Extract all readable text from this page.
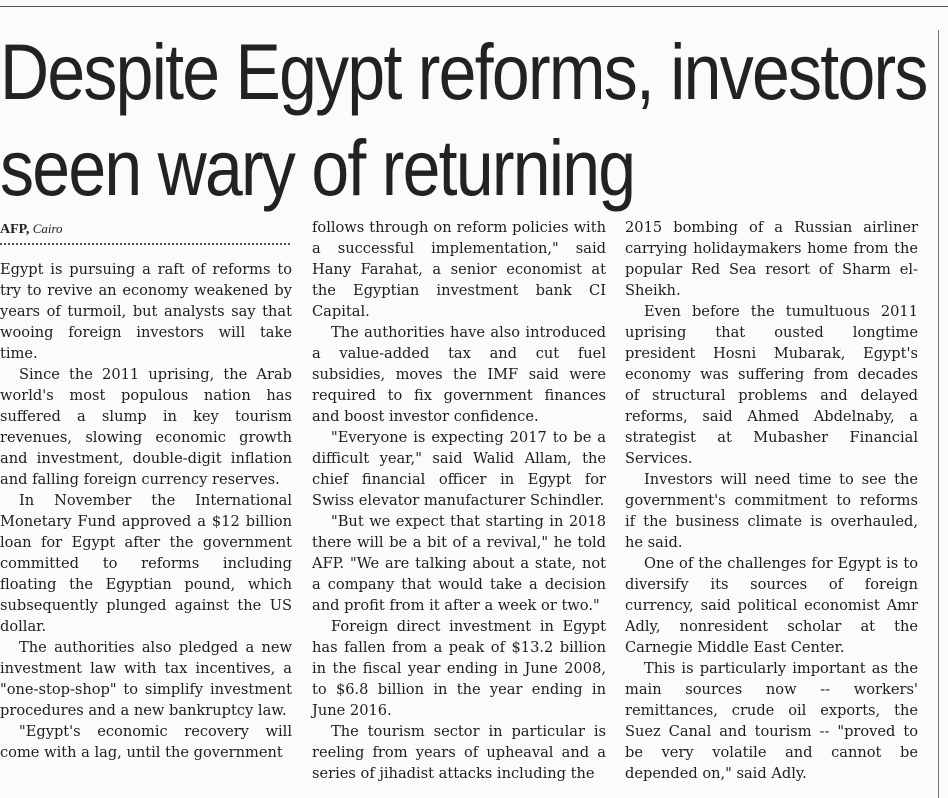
Despite Egypt reforms, investors
seen wary of returning
AFP, Cairo

Egypt is pursuing a raft of reforms to try to revive an economy weakened by years of turmoil, but analysts say that wooing foreign investors will take time.

Since the 2011 uprising, the Arab world's most populous nation has suffered a slump in key tourism revenues, slowing economic growth and investment, double-digit inflation and falling foreign currency reserves.

In November the International Monetary Fund approved a $12 billion loan for Egypt after the government committed to reforms including floating the Egyptian pound, which subsequently plunged against the US dollar.

The authorities also pledged a new investment law with tax incentives, a "one-stop-shop" to simplify investment procedures and a new bankruptcy law.

"Egypt's economic recovery will come with a lag, until the government

follows through on reform policies with a successful implementation," said Hany Farahat, a senior economist at the Egyptian investment bank CI Capital.

The authorities have also introduced a value-added tax and cut fuel subsidies, moves the IMF said were required to fix government finances and boost investor confidence.

"Everyone is expecting 2017 to be a difficult year," said Walid Allam, the chief financial officer in Egypt for Swiss elevator manufacturer Schindler.

"But we expect that starting in 2018 there will be a bit of a revival," he told AFP. "We are talking about a state, not a company that would take a decision and profit from it after a week or two."

Foreign direct investment in Egypt has fallen from a peak of $13.2 billion in the fiscal year ending in June 2008, to $6.8 billion in the year ending in June 2016.

The tourism sector in particular is reeling from years of upheaval and a series of jihadist attacks including the

2015 bombing of a Russian airliner carrying holidaymakers home from the popular Red Sea resort of Sharm el-Sheikh.

Even before the tumultuous 2011 uprising that ousted longtime president Hosni Mubarak, Egypt's economy was suffering from decades of structural problems and delayed reforms, said Ahmed Abdelnaby, a strategist at Mubasher Financial Services.

Investors will need time to see the government's commitment to reforms if the business climate is overhauled, he said.

One of the challenges for Egypt is to diversify its sources of foreign currency, said political economist Amr Adly, nonresident scholar at the Carnegie Middle East Center.

This is particularly important as the main sources now -- workers' remittances, crude oil exports, the Suez Canal and tourism -- "proved to be very volatile and cannot be depended on," said Adly.
